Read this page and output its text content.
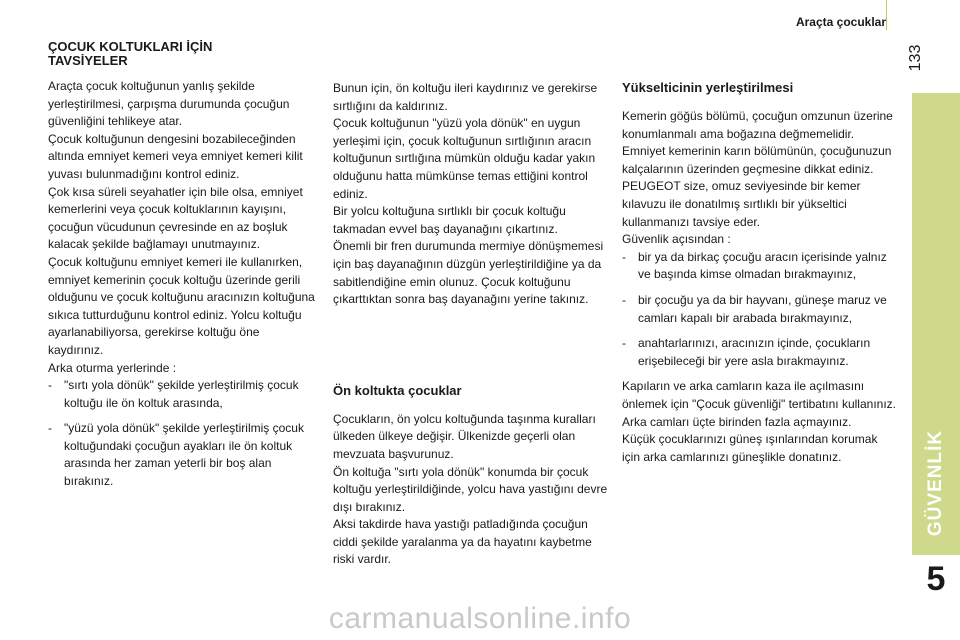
Araçta çocuklar
133
GÜVENLİK
5
ÇOCUK KOLTUKLARI İÇİN
TAVSİYELER

Araçta çocuk koltuğunun yanlış şekilde yerleştirilmesi, çarpışma durumunda çocuğun güvenliğini tehlikeye atar.

Çocuk koltuğunun dengesini bozabileceğinden altında emniyet kemeri veya emniyet kemeri kilit yuvası bulunmadığını kontrol ediniz.

Çok kısa süreli seyahatler için bile olsa, emniyet kemerlerini veya çocuk koltuklarının kayışını, çocuğun vücudunun çevresinde en az boşluk kalacak şekilde bağlamayı unutmayınız.

Çocuk koltuğunu emniyet kemeri ile kullanırken, emniyet kemerinin çocuk koltuğu üzerinde gerili olduğunu ve çocuk koltuğunu aracınızın koltuğuna sıkıca tutturduğunu kontrol ediniz. Yolcu koltuğu ayarlanabiliyorsa, gerekirse koltuğu öne kaydırınız.

Arka oturma yerlerinde :

- "sırtı yola dönük" şekilde yerleştirilmiş çocuk koltuğu ile ön koltuk arasında,
- "yüzü yola dönük" şekilde yerleştirilmiş çocuk koltuğundaki çocuğun ayakları ile ön koltuk arasında her zaman yeterli bir boş alan bırakınız.

Bunun için, ön koltuğu ileri kaydırınız ve gerekirse sırtlığını da kaldırınız.

Çocuk koltuğunun "yüzü yola dönük" en uygun yerleşimi için, çocuk koltuğunun sırtlığının aracın koltuğunun sırtlığına mümkün olduğu kadar yakın olduğunu hatta mümkünse temas ettiğini kontrol ediniz.

Bir yolcu koltuğuna sırtlıklı bir çocuk koltuğu takmadan evvel baş dayanağını çıkartınız.

Önemli bir fren durumunda mermiye dönüşmemesi için baş dayanağının düzgün yerleştirildiğine ya da sabitlendiğine emin olunuz. Çocuk koltuğunu çıkarttıktan sonra baş dayanağını yerine takınız.

Ön koltukta çocuklar

Çocukların, ön yolcu koltuğunda taşınma kuralları ülkeden ülkeye değişir. Ülkenizde geçerli olan mevzuata başvurunuz.

Ön koltuğa "sırtı yola dönük" konumda bir çocuk koltuğu yerleştirildiğinde, yolcu hava yastığını devre dışı bırakınız.

Aksi takdirde hava yastığı patladığında çocuğun ciddi şekilde yaralanma ya da hayatını kaybetme riski vardır.

Yükselticinin yerleştirilmesi

Kemerin göğüs bölümü, çocuğun omzunun üzerine konumlanmalı ama boğazına değmemelidir.

Emniyet kemerinin karın bölümünün, çocuğunuzun kalçalarının üzerinden geçmesine dikkat ediniz.

PEUGEOT size, omuz seviyesinde bir kemer kılavuzu ile donatılmış sırtlıklı bir yükseltici kullanmanızı tavsiye eder.

Güvenlik açısından :

- bir ya da birkaç çocuğu aracın içerisinde yalnız ve başında kimse olmadan bırakmayınız,
- bir çocuğu ya da bir hayvanı, güneşe maruz ve camları kapalı bir arabada bırakmayınız,
- anahtarlarınızı, aracınızın içinde, çocukların erişebileceği bir yere asla bırakmayınız.

Kapıların ve arka camların kaza ile açılmasını önlemek için "Çocuk güvenliği" tertibatını kullanınız.

Arka camları üçte birinden fazla açmayınız.

Küçük çocuklarınızı güneş ışınlarından korumak için arka camlarınızı güneşlikle donatınız.

carmanualsonline.info
